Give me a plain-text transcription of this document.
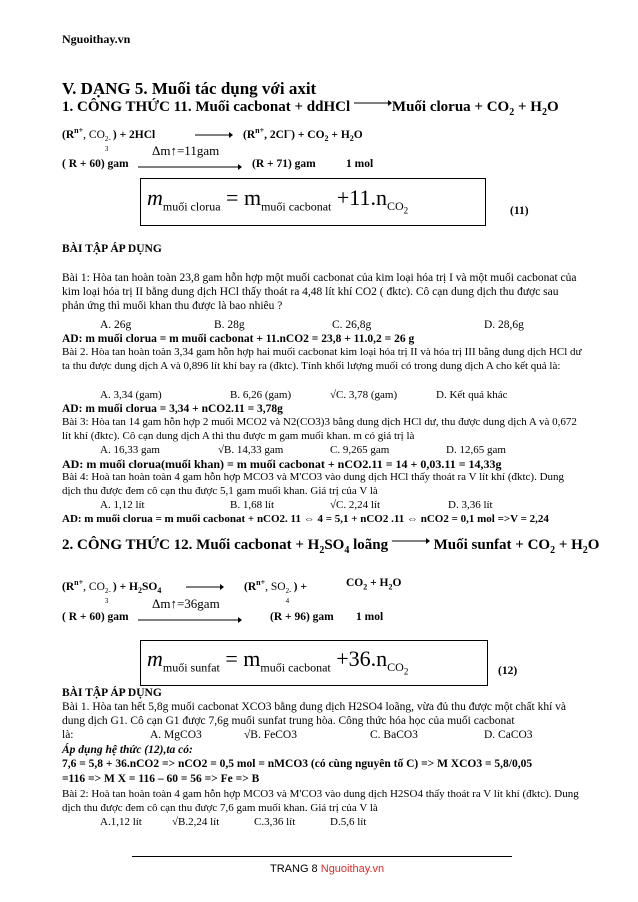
Nguoithay.vn
V. DẠNG 5. Muối tác dụng với axit
1. CÔNG THỨC 11. Muối cacbonat + ddHCl	Muối clorua + $CO_2 + H_2O$
($R^{n+}$, CO 2-
3
) + 2HCl	($R^{n+}$, $2Cl^-) + CO_2 + H_2O$
( R + 60) gam
Δm↑=11gam
(R + 71) gam	1 mol
$m_{muối clorua} = m_{muối cacbonat} +11.n_{CO_2}$	(11)
BÀI TẬP ÁP DỤNG
Bài 1: Hòa tan hoàn toàn 23,8 gam hỗn hợp một muối cacbonat của kim loại hóa trị I và một muối cacbonat của kim loại hóa trị II bằng dung dịch HCl thấy thoát ra 4,48 lít khí CO2 ( đktc). Cô cạn dung dịch thu được sau phản ứng thì muối khan thu được là bao nhiêu ?
A. 26g	B. 28g	C. 26,8g	D. 28,6g
AD: m muối clorua = m muối cacbonat + 11.nCO2 = 23,8 + 11.0,2 = 26 g
Bài 2. Hòa tan hoàn toàn 3,34 gam hỗn hợp hai muối cacbonat kim loại hóa trị II và hóa trị III bằng dung dịch HCl dư ta thu được dung dịch A và 0,896 lít khí bay ra (đktc). Tính khối lượng muối có trong dung dịch A cho kết quả là:
A. 3,34 (gam)	B. 6,26 (gam)	√C. 3,78 (gam)	D. Kết quả khác
AD: m muối clorua = 3,34 + nCO2.11 = 3,78g
Bài 3: Hòa tan 14 gam hỗn hợp 2 muối MCO2 và N2(CO3)3 bằng dung dịch HCl dư, thu được dung dịch A và 0,672 lít khí (đktc). Cô cạn dung dịch A thì thu được m gam muối khan. m có giá trị là
A. 16,33 gam	√B. 14,33 gam	C. 9,265 gam	D. 12,65 gam
AD: m muối clorua(muối khan) = m muối cacbonat + nCO2.11 = 14 + 0,03.11 = 14,33g
Bài 4: Hoà tan hoàn toàn 4 gam hỗn hợp MCO3 và M'CO3 vào dung dịch HCl thấy thoát ra V lít khí (đktc). Dung dịch thu được đem cô cạn thu được 5,1 gam muối khan. Giá trị của V là
A. 1,12 lít	B. 1,68 lít	√C. 2,24 lít	D. 3,36 lít
AD: m muối clorua = m muối cacbonat + nCO2. 11 ⇔ 4 = 5,1 + nCO2 .11 ⇔ nCO2 = 0,1 mol =>V = 2,24
2. CÔNG THỨC 12. Muối cacbonat + $H_2SO_4$ loãng	Muối sunfat + $CO_2 + H_2O$
($R^{n+}$, CO 2-
3
) + $H_2SO_4$	($R^{n+}$, SO 2-
4
) +	$CO_2 + H_2O$
( R + 60) gam
Δm↑=36gam
(R + 96) gam 1 mol
$m_{muối sunfat} = m_{muối cacbonat} +36.n_{CO_2}$	(12)
BÀI TẬP ÁP DỤNG
Bài 1. Hòa tan hết 5,8g muối cacbonat XCO3 bằng dung dịch H2SO4 loãng, vừa đủ thu được một chất khí và dung dịch G1. Cô cạn G1 được 7,6g muối sunfat trung hòa. Công thức hóa học của muối cacbonat
là:	A. MgCO3	√B. FeCO3	C. BaCO3	D. CaCO3
Áp dụng hệ thức (12),ta có:
7,6 = 5,8 + 36.nCO2 => nCO2 = 0,5 mol = nMCO3 (có cùng nguyên tố C) => M XCO3 = 5,8/0,05
=116 => M X = 116 – 60 = 56 => Fe => B
Bài 2: Hoà tan hoàn toàn 4 gam hỗn hợp MCO3 và M'CO3 vào dung dịch H2SO4 thấy thoát ra V lít khí (đktc). Dung dịch thu được đem cô cạn thu được 7,6 gam muối khan. Giá trị của V là
A.1,12 lít	√B.2,24 lít	C.3,36 lít	D.5,6 lít
TRANG 8 Nguoithay.vn
